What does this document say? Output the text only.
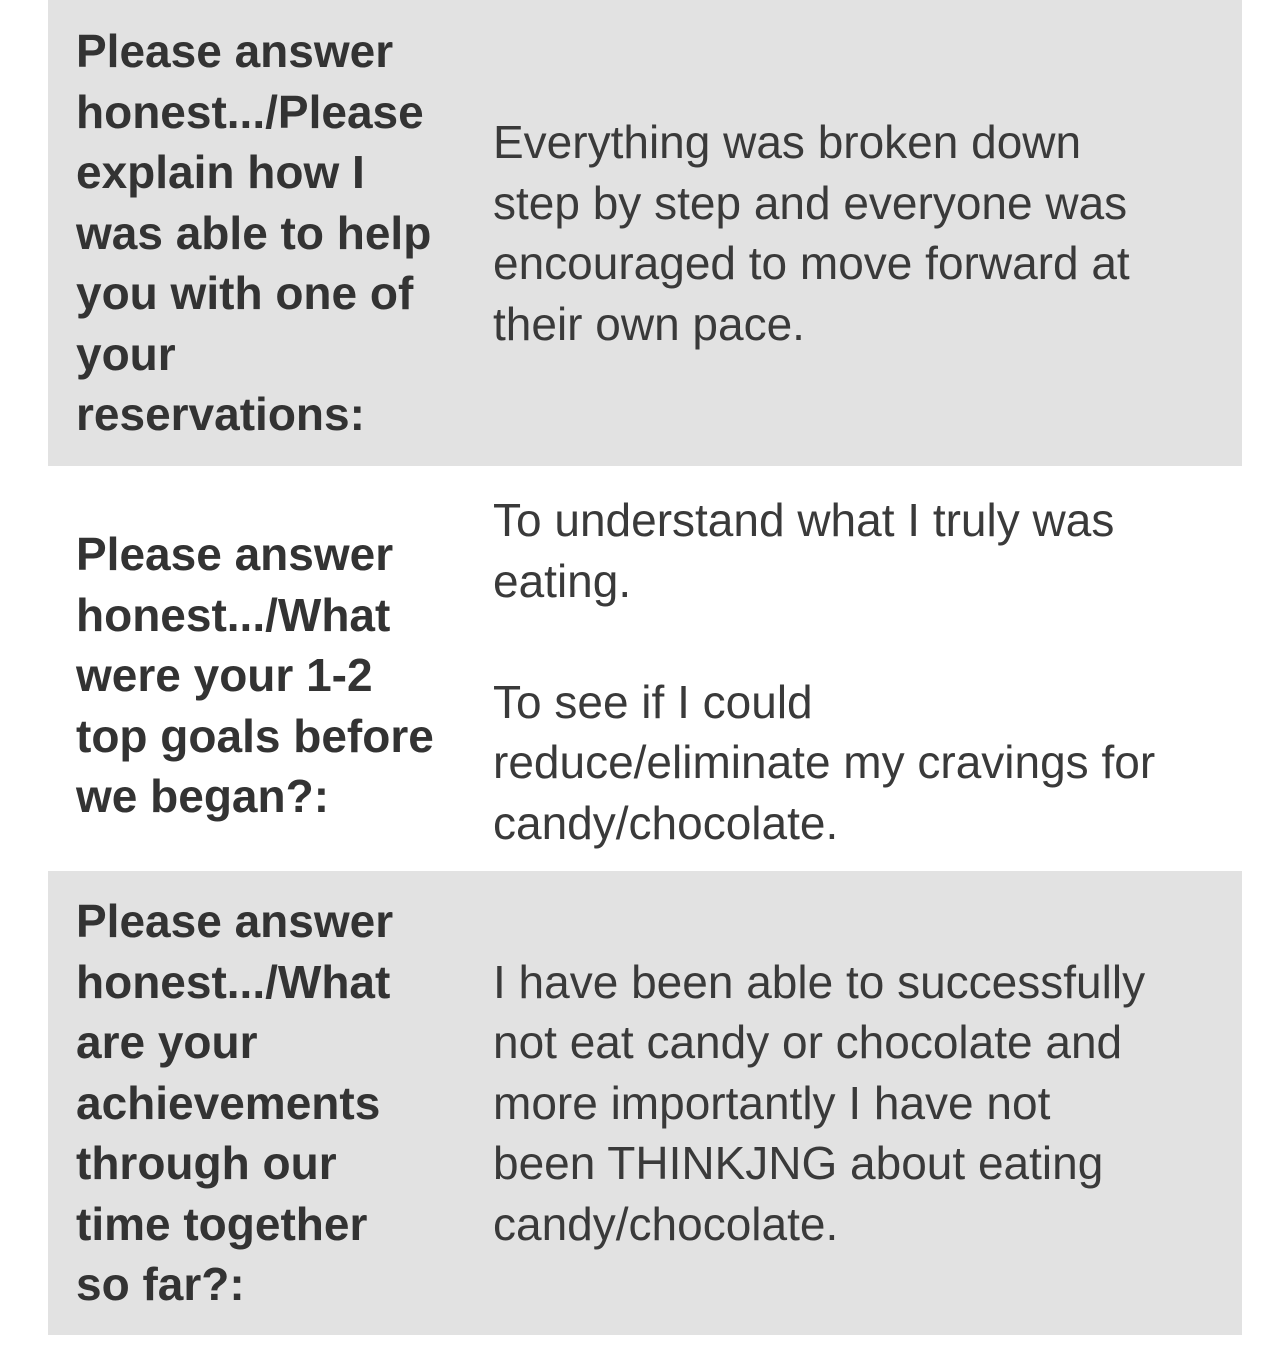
Please answer
honest.../Please
explain how I
was able to help
you with one of
your
reservations:
Everything was broken down
step by step and everyone was
encouraged to move forward at
their own pace.
Please answer
honest.../What
were your 1-2
top goals before
we began?:
To understand what I truly was
eating.

To see if I could
reduce/eliminate my cravings for
candy/chocolate.
Please answer
honest.../What
are your
achievements
through our
time together
so far?:
I have been able to successfully
not eat candy or chocolate and
more importantly I have not
been THINKJNG about eating
candy/chocolate.
